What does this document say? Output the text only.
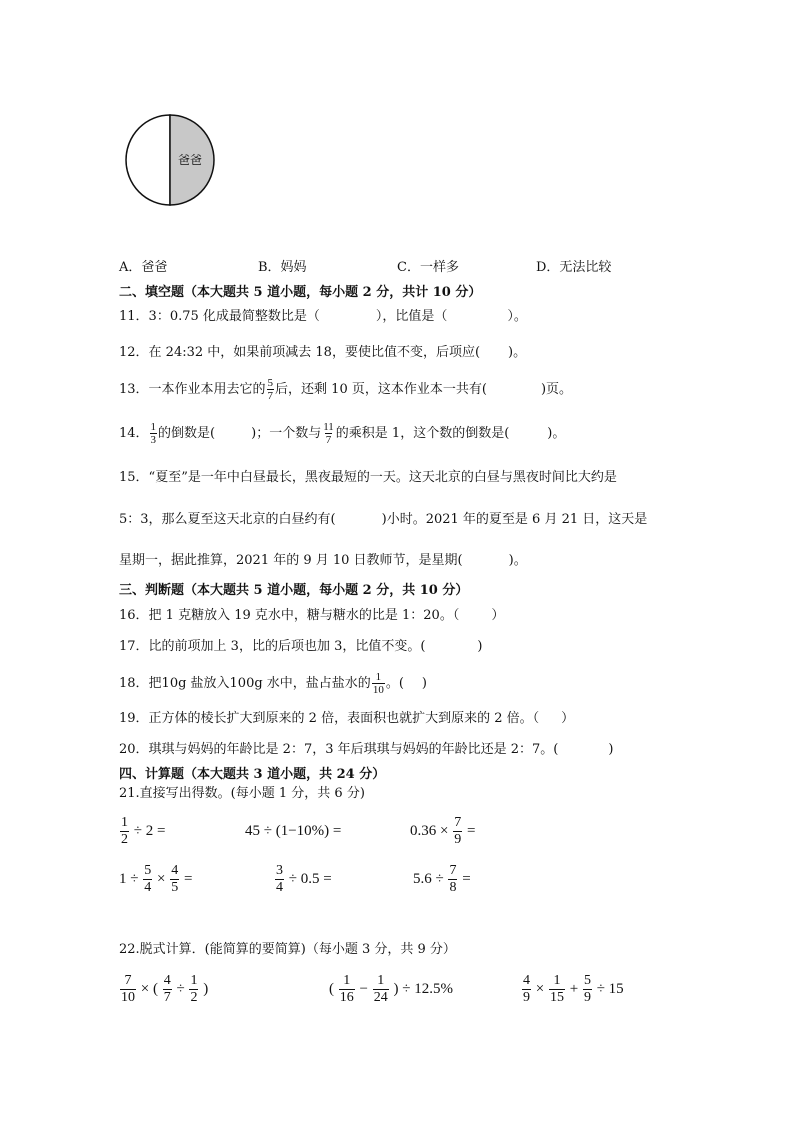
爸爸
A．爸爸	B．妈妈	C．一样多	D．无法比较
二、填空题（本大题共 5 道小题，每小题 2 分，共计 10 分）
11．3：0.75 化成最简整数比是（	），比值是（	）。
12．在 24:32 中，如果前项减去 18，要使比值不变，后项应( )。
13．一本作业本用去它的 $\frac{5}{7}$ 后，还剩 10 页，这本作业本一共有(	)页。
14． $\frac{1}{3}$ 的倒数是(	)；一个数与 $\frac{11}{7}$ 的乘积是 1，这个数的倒数是(	)。
15．“夏至”是一年中白昼最长，黑夜最短的一天。这天北京的白昼与黑夜时间比大约是
5：3，那么夏至这天北京的白昼约有(	)小时。2021 年的夏至是 6 月 21 日，这天是
星期一，据此推算，2021 年的 9 月 10 日教师节，是星期(	)。
三、判断题（本大题共 5 道小题，每小题 2 分，共 10 分）
16．把 1 克糖放入 19 克水中，糖与糖水的比是 1：20。（ ）
17．比的前项加上 3，比的后项也加 3，比值不变。(	)
18．把10g 盐放入100g 水中，盐占盐水的 $\frac{1}{10}$ 。( )
19．正方体的棱长扩大到原来的 2 倍，表面积也就扩大到原来的 2 倍。（ ）
20．琪琪与妈妈的年龄比是 2：7，3 年后琪琪与妈妈的年龄比还是 2：7。(	)
四、计算题（本大题共 3 道小题，共 24 分）
21.直接写出得数。(每小题 1 分，共 6 分)
$\frac{1}{2} \div 2$ =	45 ÷ (1−10%) =	$0.36 \times \frac{7}{9}$ =
$1 \div \frac{5}{4} \times \frac{4}{5}$ =	$\frac{3}{4} \div 0.5$ =	$5.6 \div \frac{7}{8}$ =
22.脱式计算．(能简算的要简算)（每小题 3 分，共 9 分）
$\frac{7}{10}$ × ( $\frac{4}{7} \div \frac{1}{2}$ )	( $\frac{1}{16} - \frac{1}{24}$ ) ÷ 12.5%	$\frac{4}{9} \times \frac{1}{15} + \frac{5}{9} \div 15$
